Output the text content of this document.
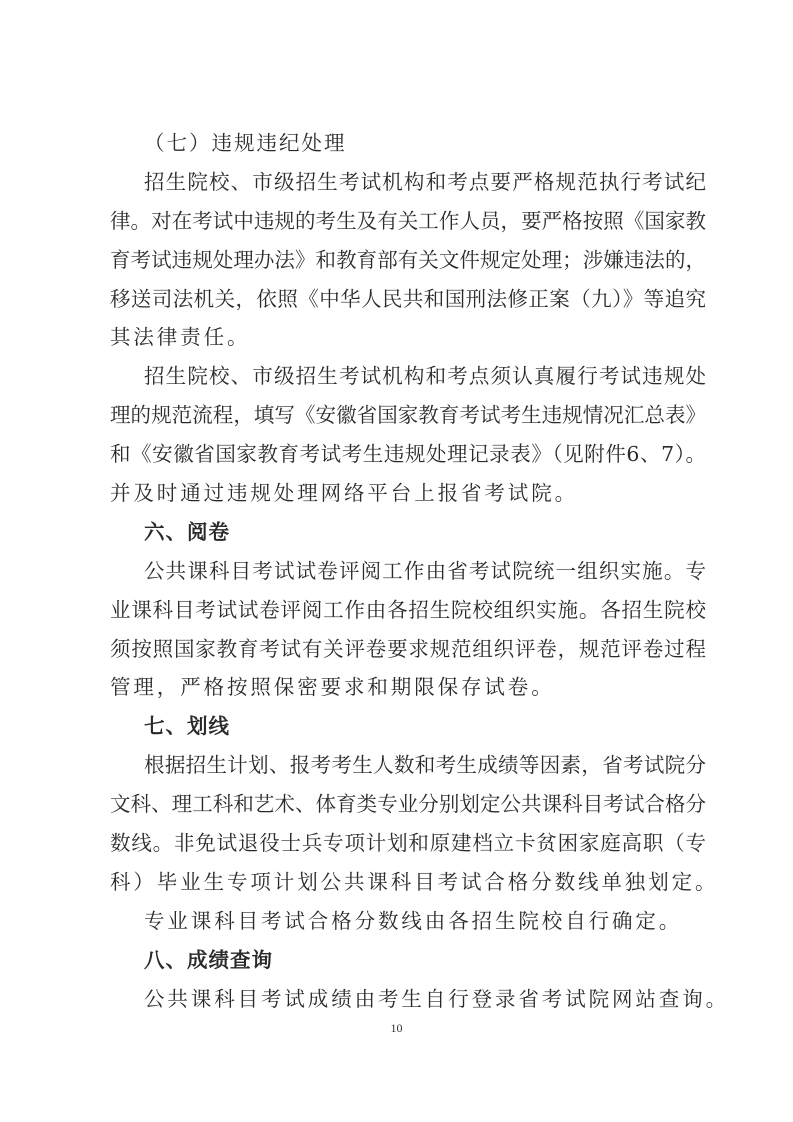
（七）违规违纪处理
招生院校、市级招生考试机构和考点要严格规范执行考试纪
律。对在考试中违规的考生及有关工作人员，要严格按照《国家教
育考试违规处理办法》和教育部有关文件规定处理；涉嫌违法的，
移送司法机关，依照《中华人民共和国刑法修正案（九）》等追究
其法律责任。
招生院校、市级招生考试机构和考点须认真履行考试违规处
理的规范流程，填写《安徽省国家教育考试考生违规情况汇总表》
和《安徽省国家教育考试考生违规处理记录表》（见附件6、7）。
并及时通过违规处理网络平台上报省考试院。
六、阅卷
公共课科目考试试卷评阅工作由省考试院统一组织实施。专
业课科目考试试卷评阅工作由各招生院校组织实施。各招生院校
须按照国家教育考试有关评卷要求规范组织评卷，规范评卷过程
管理，严格按照保密要求和期限保存试卷。
七、划线
根据招生计划、报考考生人数和考生成绩等因素，省考试院分
文科、理工科和艺术、体育类专业分别划定公共课科目考试合格分
数线。非免试退役士兵专项计划和原建档立卡贫困家庭高职（专
科）毕业生专项计划公共课科目考试合格分数线单独划定。
专业课科目考试合格分数线由各招生院校自行确定。
八、成绩查询
公共课科目考试成绩由考生自行登录省考试院网站查询。
10
